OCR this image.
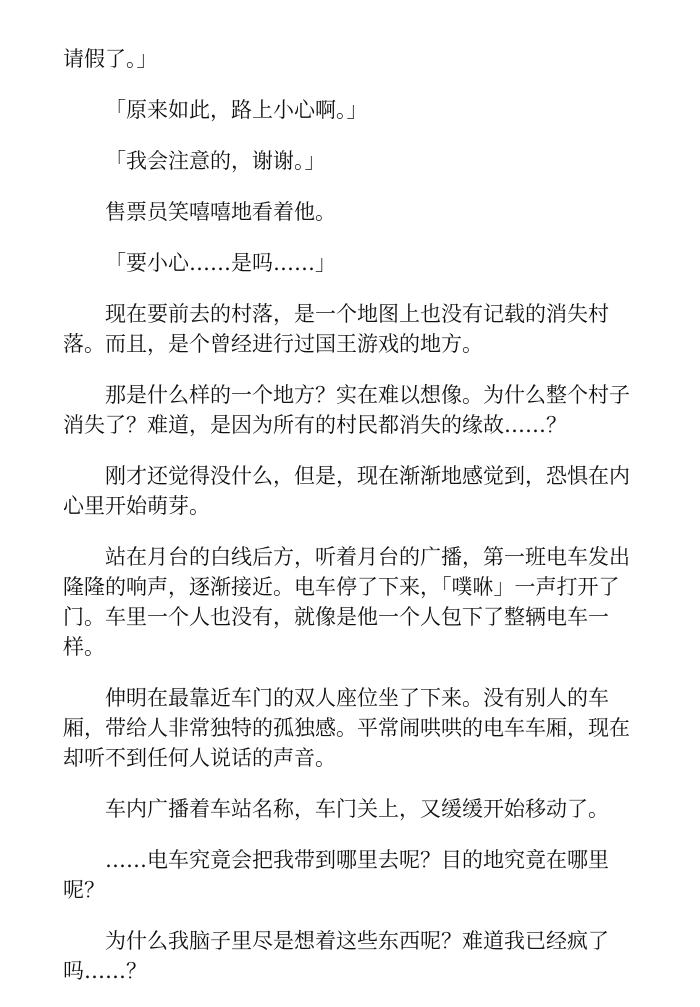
请假了。」

「原来如此，路上小心啊。」

「我会注意的，谢谢。」

售票员笑嘻嘻地看着他。

「要小心……是吗……」

现在要前去的村落，是一个地图上也没有记载的消失村落。而且，是个曾经进行过国王游戏的地方。

那是什么样的一个地方？实在难以想像。为什么整个村子消失了？难道，是因为所有的村民都消失的缘故……？

刚才还觉得没什么，但是，现在渐渐地感觉到，恐惧在内心里开始萌芽。

站在月台的白线后方，听着月台的广播，第一班电车发出隆隆的响声，逐渐接近。电车停了下来，「噗咻」一声打开了门。车里一个人也没有，就像是他一个人包下了整辆电车一样。

伸明在最靠近车门的双人座位坐了下来。没有别人的车厢，带给人非常独特的孤独感。平常闹哄哄的电车车厢，现在却听不到任何人说话的声音。

车内广播着车站名称，车门关上，又缓缓开始移动了。

……电车究竟会把我带到哪里去呢？目的地究竟在哪里呢？

为什么我脑子里尽是想着这些东西呢？难道我已经疯了吗……？
